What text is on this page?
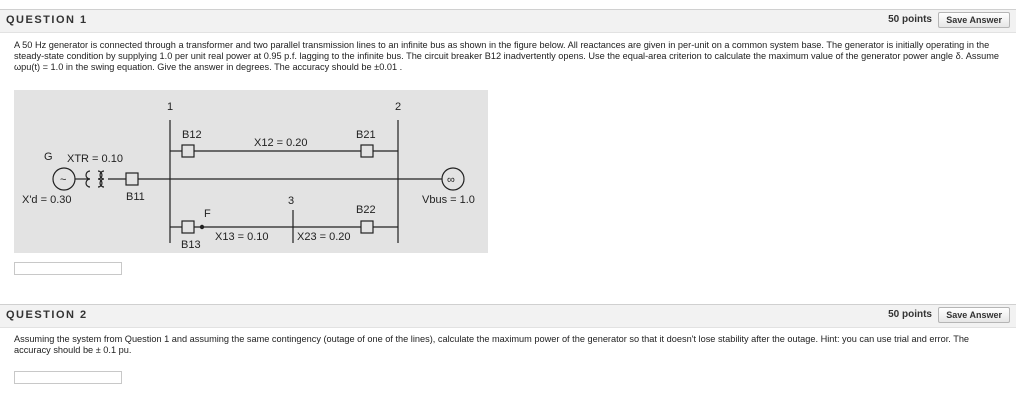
QUESTION 1	50 points	Save Answer
A 50 Hz generator is connected through a transformer and two parallel transmission lines to an infinite bus as shown in the figure below. All reactances are given in per-unit on a common system base. The generator is initially operating in the steady-state condition by supplying 1.0 per unit real power at 0.95 p.f. lagging to the infinite bus. The circuit breaker B12 inadvertently opens. Use the equal-area criterion to calculate the maximum value of the generator power angle δ. Assume ωpu(t) = 1.0 in the swing equation. Give the answer in degrees. The accuracy should be ±0.01 .
1	2
3
G XTR = 0.10
X'd = 0.30
X12 = 0.20
X13 = 0.10	X23 = 0.20
Vbus = 1.0
B11
B12
B13
B21
B22
F
~	∞
QUESTION 2	50 points	Save Answer
Assuming the system from Question 1 and assuming the same contingency (outage of one of the lines), calculate the maximum power of the generator so that it doesn't lose stability after the outage. Hint: you can use trial and error. The accuracy should be ± 0.1 pu.
